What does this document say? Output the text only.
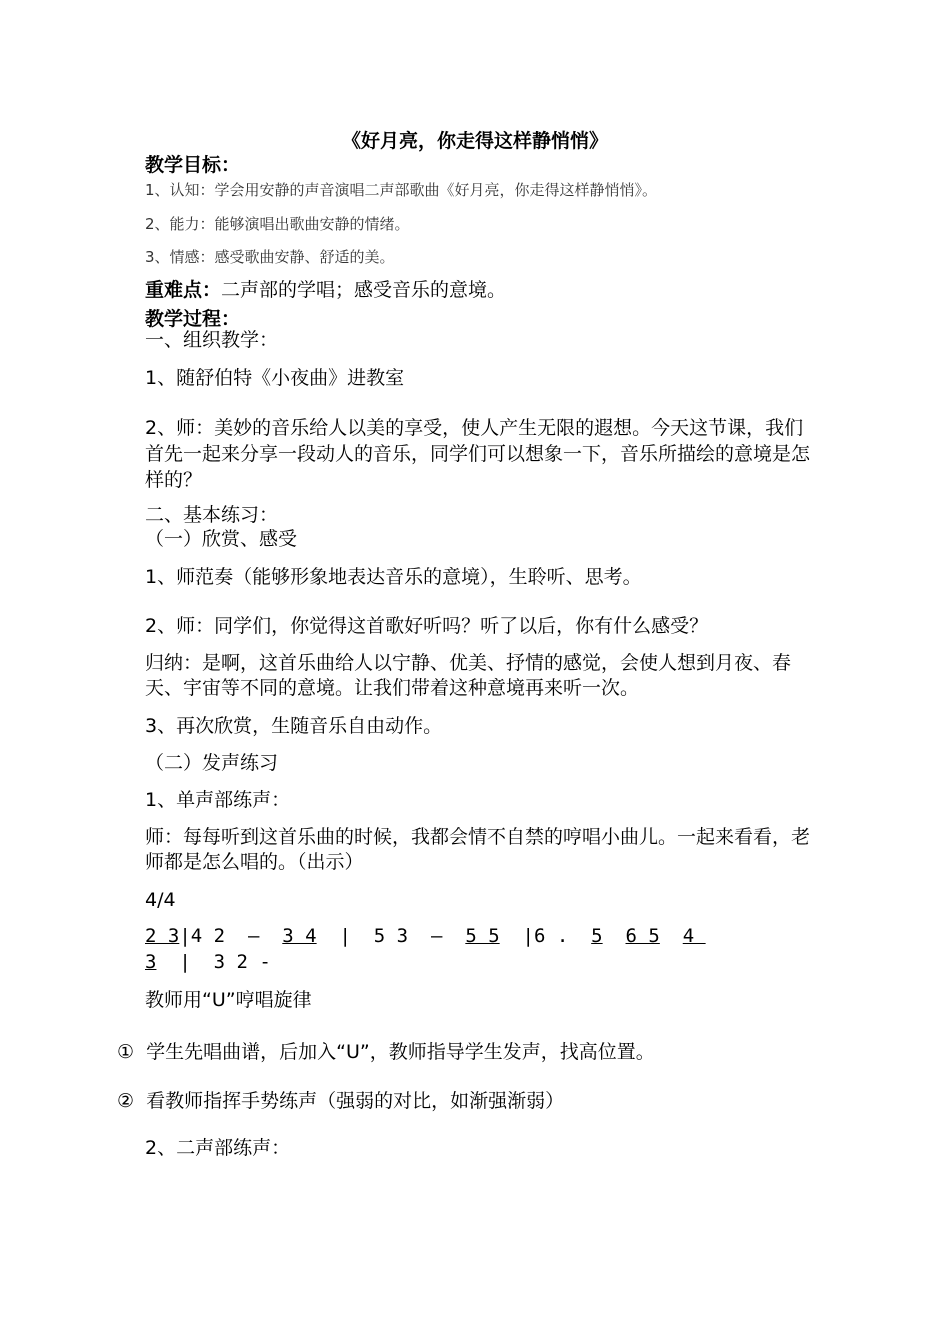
《好月亮，你走得这样静悄悄》
教学目标：
1、认知：学会用安静的声音演唱二声部歌曲《好月亮，你走得这样静悄悄》。
2、能力：能够演唱出歌曲安静的情绪。
3、情感：感受歌曲安静、舒适的美。
重难点：二声部的学唱；感受音乐的意境。
教学过程：
一、组织教学：
1、随舒伯特《小夜曲》进教室
2、师：美妙的音乐给人以美的享受，使人产生无限的遐想。今天这节课，我们首先一起来分享一段动人的音乐，同学们可以想象一下，音乐所描绘的意境是怎样的？
二、基本练习：
（一）欣赏、感受
1、师范奏（能够形象地表达音乐的意境），生聆听、思考。
2、师：同学们，你觉得这首歌好听吗？听了以后，你有什么感受？
归纳：是啊，这首乐曲给人以宁静、优美、抒情的感觉，会使人想到月夜、春天、宇宙等不同的意境。让我们带着这种意境再来听一次。
3、再次欣赏，生随音乐自由动作。
（二）发声练习
1、单声部练声：
师：每每听到这首乐曲的时候，我都会情不自禁的哼唱小曲儿。一起来看看，老师都是怎么唱的。（出示）
4/4
2 3|4 2  –  3 4  |  5 3  –  5 5  |6 .  5 6 5 4
3  |  3 2 -
教师用“U”哼唱旋律
① 学生先唱曲谱，后加入“U”，教师指导学生发声，找高位置。
② 看教师指挥手势练声（强弱的对比，如渐强渐弱）
2、二声部练声：
